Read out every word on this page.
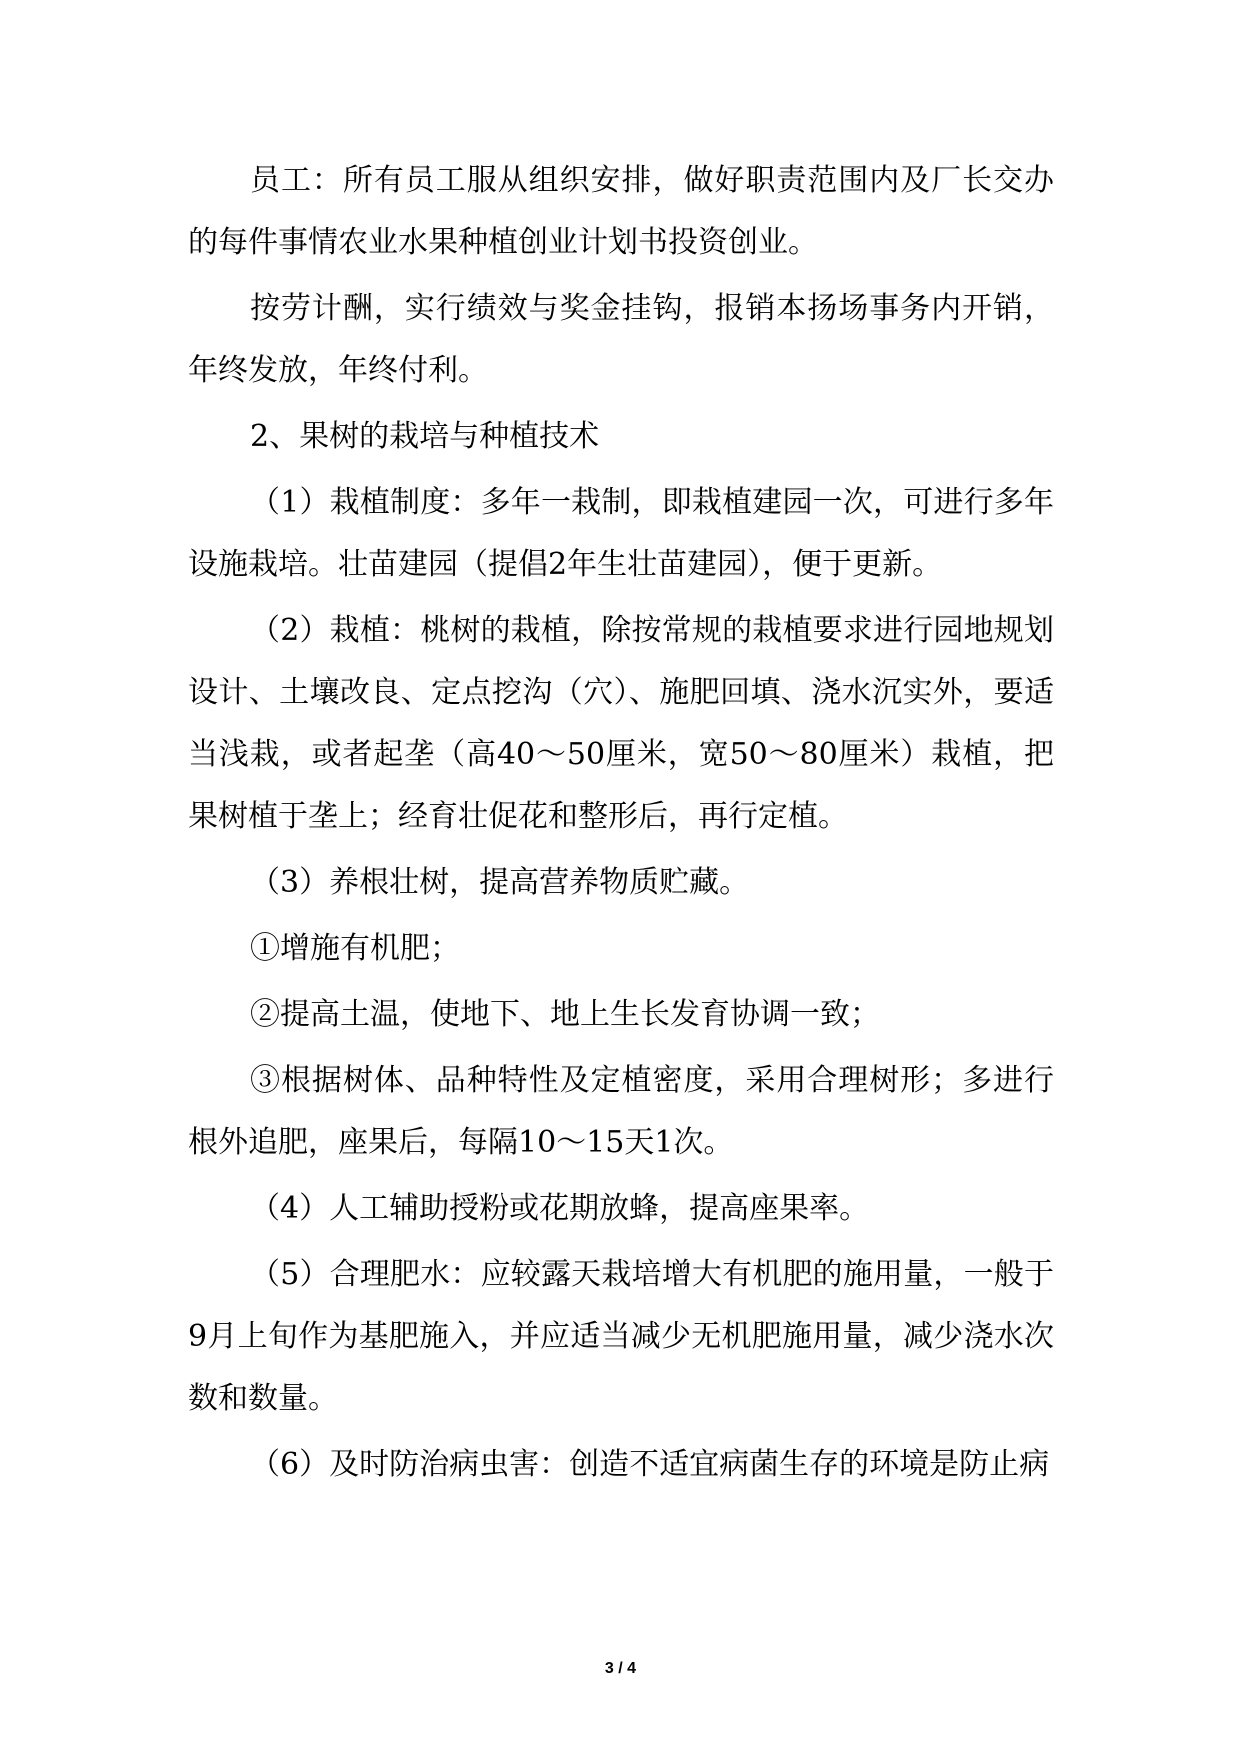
员工：所有员工服从组织安排，做好职责范围内及厂长交办的每件事情农业水果种植创业计划书投资创业。

按劳计酬，实行绩效与奖金挂钩，报销本扬场事务内开销，年终发放，年终付利。

2、果树的栽培与种植技术

（1）栽植制度：多年一栽制，即栽植建园一次，可进行多年设施栽培。壮苗建园（提倡2年生壮苗建园），便于更新。

（2）栽植：桃树的栽植，除按常规的栽植要求进行园地规划设计、土壤改良、定点挖沟（穴）、施肥回填、浇水沉实外，要适当浅栽，或者起垄（高40～50厘米，宽50～80厘米）栽植，把果树植于垄上；经育壮促花和整形后，再行定植。

（3）养根壮树，提高营养物质贮藏。

①增施有机肥；

②提高土温，使地下、地上生长发育协调一致；

③根据树体、品种特性及定植密度，采用合理树形；多进行根外追肥，座果后，每隔10～15天1次。

（4）人工辅助授粉或花期放蜂，提高座果率。

（5）合理肥水：应较露天栽培增大有机肥的施用量，一般于9月上旬作为基肥施入，并应适当减少无机肥施用量，减少浇水次数和数量。

（6）及时防治病虫害：创造不适宜病菌生存的环境是防止病

3 / 4
